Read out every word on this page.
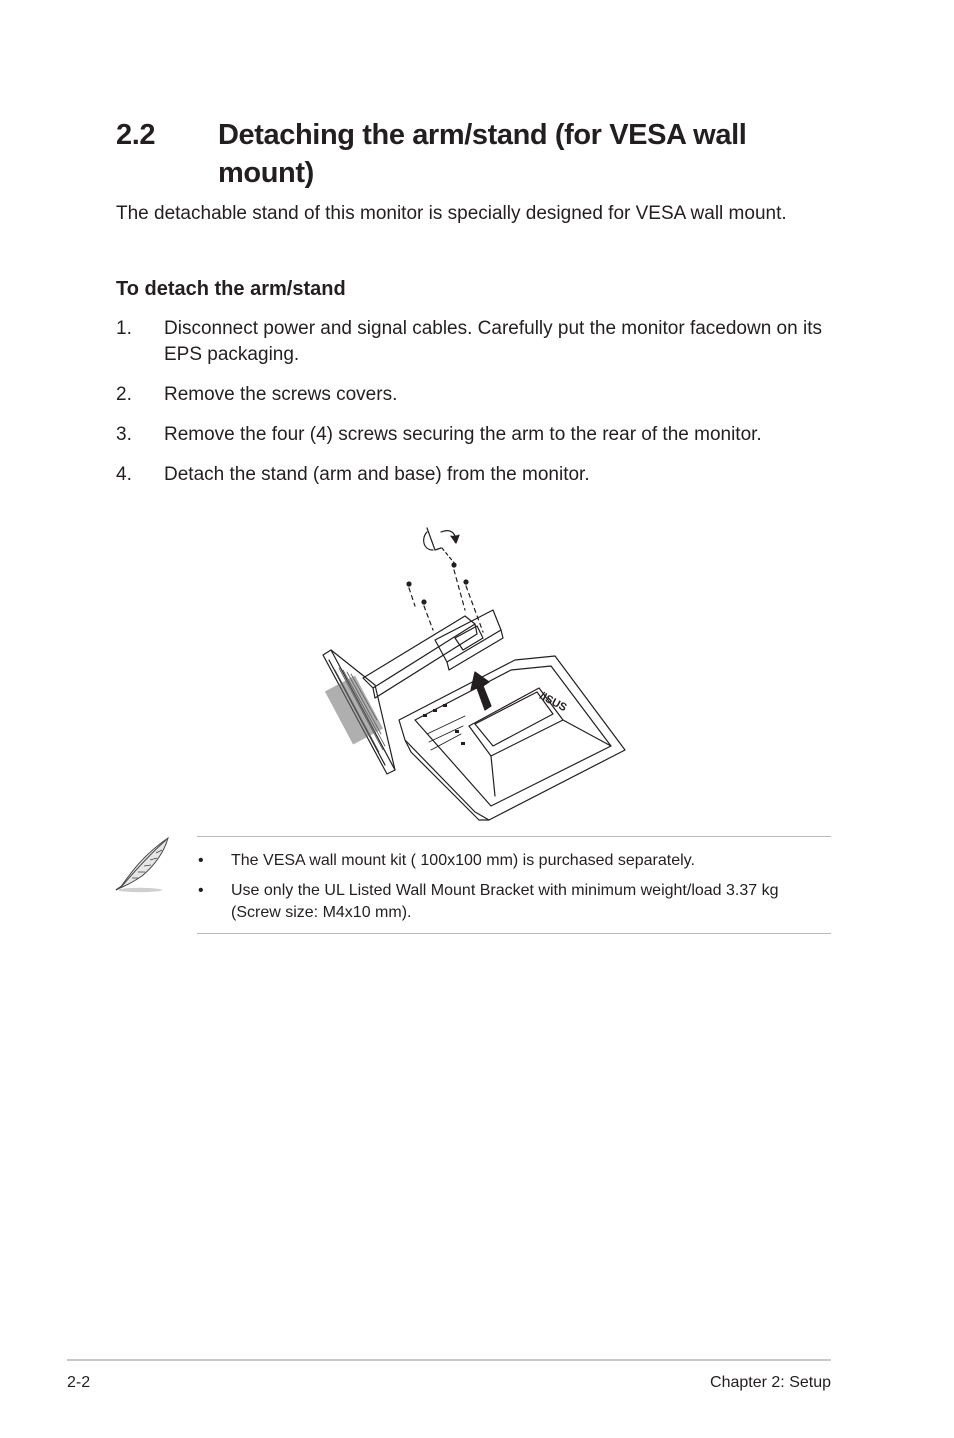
2.2 Detaching the arm/stand (for VESA wall mount)
The detachable stand of this monitor is specially designed for VESA wall mount.
To detach the arm/stand
1. Disconnect power and signal cables. Carefully put the monitor facedown on its EPS packaging.
2. Remove the screws covers.
3. Remove the four (4) screws securing the arm to the rear of the monitor.
4. Detach the stand (arm and base) from the monitor.
/ISUS
• The VESA wall mount kit ( 100x100 mm) is purchased separately.
• Use only the UL Listed Wall Mount Bracket with minimum weight/load 3.37 kg (Screw size: M4x10 mm).
2-2	Chapter 2: Setup
